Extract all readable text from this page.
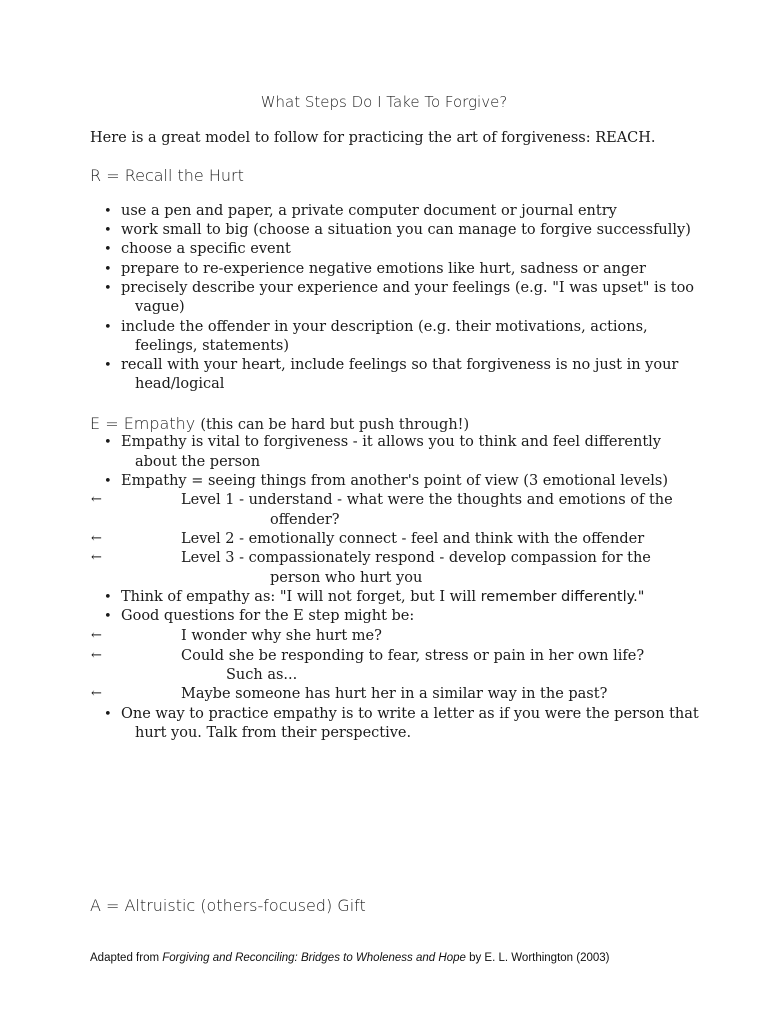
What Steps Do I Take To Forgive?
Here is a great model to follow for practicing the art of forgiveness: REACH.
R = Recall the Hurt
• use a pen and paper, a private computer document or journal entry
• work small to big (choose a situation you can manage to forgive successfully)
• choose a specific event
• prepare to re-experience negative emotions like hurt, sadness or anger
• precisely describe your experience and your feelings (e.g. "I was upset" is too
vague)
• include the offender in your description (e.g. their motivations, actions,
feelings, statements)
• recall with your heart, include feelings so that forgiveness is no just in your
head/logical
E = Empathy (this can be hard but push through!)
• Empathy is vital to forgiveness - it allows you to think and feel differently
about the person
• Empathy = seeing things from another's point of view (3 emotional levels)
←	Level 1 - understand - what were the thoughts and emotions of the
offender?
←	Level 2 - emotionally connect - feel and think with the offender
←	Level 3 - compassionately respond - develop compassion for the
person who hurt you
• Think of empathy as: "I will not forget, but I will remember differently."
• Good questions for the E step might be:
←	I wonder why she hurt me?
←	Could she be responding to fear, stress or pain in her own life?
Such as...
←	Maybe someone has hurt her in a similar way in the past?
• One way to practice empathy is to write a letter as if you were the person that
hurt you. Talk from their perspective.
A = Altruistic (others-focused) Gift
Adapted from Forgiving and Reconciling: Bridges to Wholeness and Hope by E. L. Worthington (2003)
